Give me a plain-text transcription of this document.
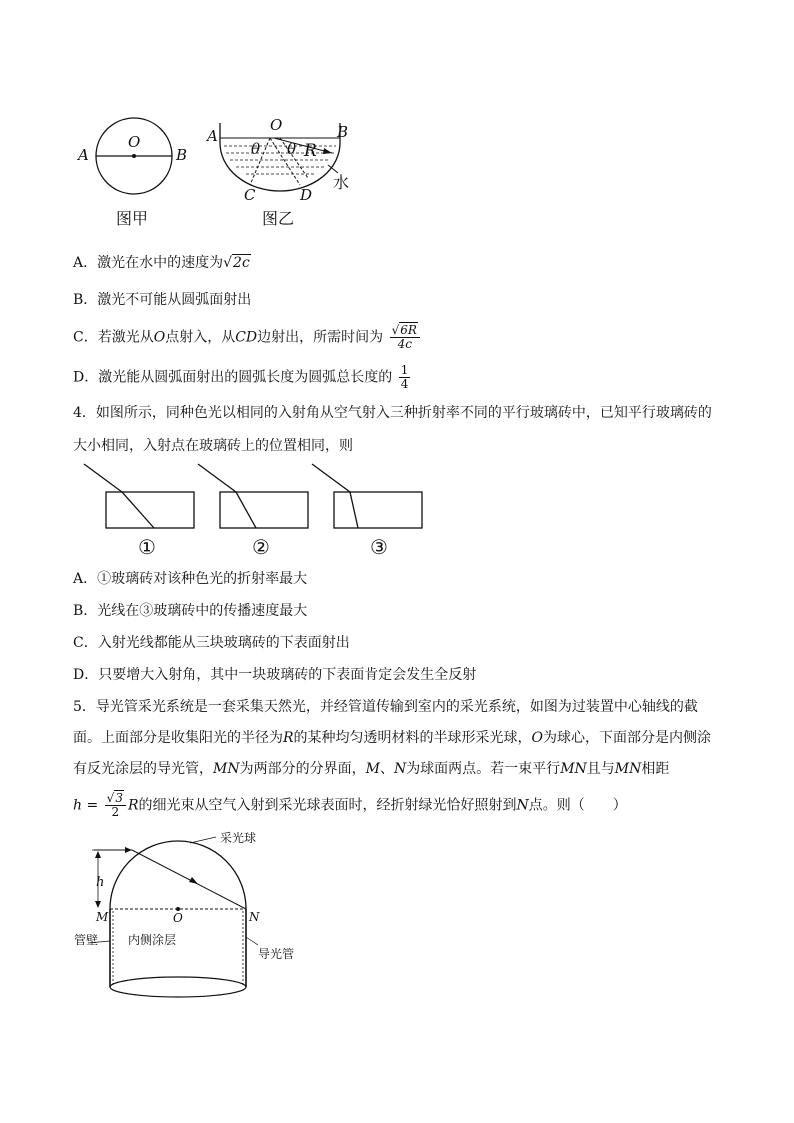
O
A	B
图甲
O
A	B
θ θ R
C	D
水
图乙
A．激光在水中的速度为√2c
B．激光不可能从圆弧面射出
C．若激光从O点射入，从CD边射出，所需时间为 $\frac{√6R}{4c}$
D．激光能从圆弧面射出的圆弧长度为圆弧总长度的 $\frac{1}{4}$
4．如图所示，同种色光以相同的入射角从空气射入三种折射率不同的平行玻璃砖中，已知平行玻璃砖的
大小相同，入射点在玻璃砖上的位置相同，则
①	②	③
A．①玻璃砖对该种色光的折射率最大
B．光线在③玻璃砖中的传播速度最大
C．入射光线都能从三块玻璃砖的下表面射出
D．只要增大入射角，其中一块玻璃砖的下表面肯定会发生全反射
5．导光管采光系统是一套采集天然光，并经管道传输到室内的采光系统，如图为过装置中心轴线的截
面。上面部分是收集阳光的半径为R的某种均匀透明材料的半球形采光球，O为球心，下面部分是内侧涂
有反光涂层的导光管，MN为两部分的分界面，M、N为球面两点。若一束平行MN且与MN相距
$h = \frac{√3}{2}$ R的细光束从空气入射到采光球表面时，经折射绿光恰好照射到N点。则（　　）
采光球
h
M	O	N
管壁 内侧涂层
导光管
